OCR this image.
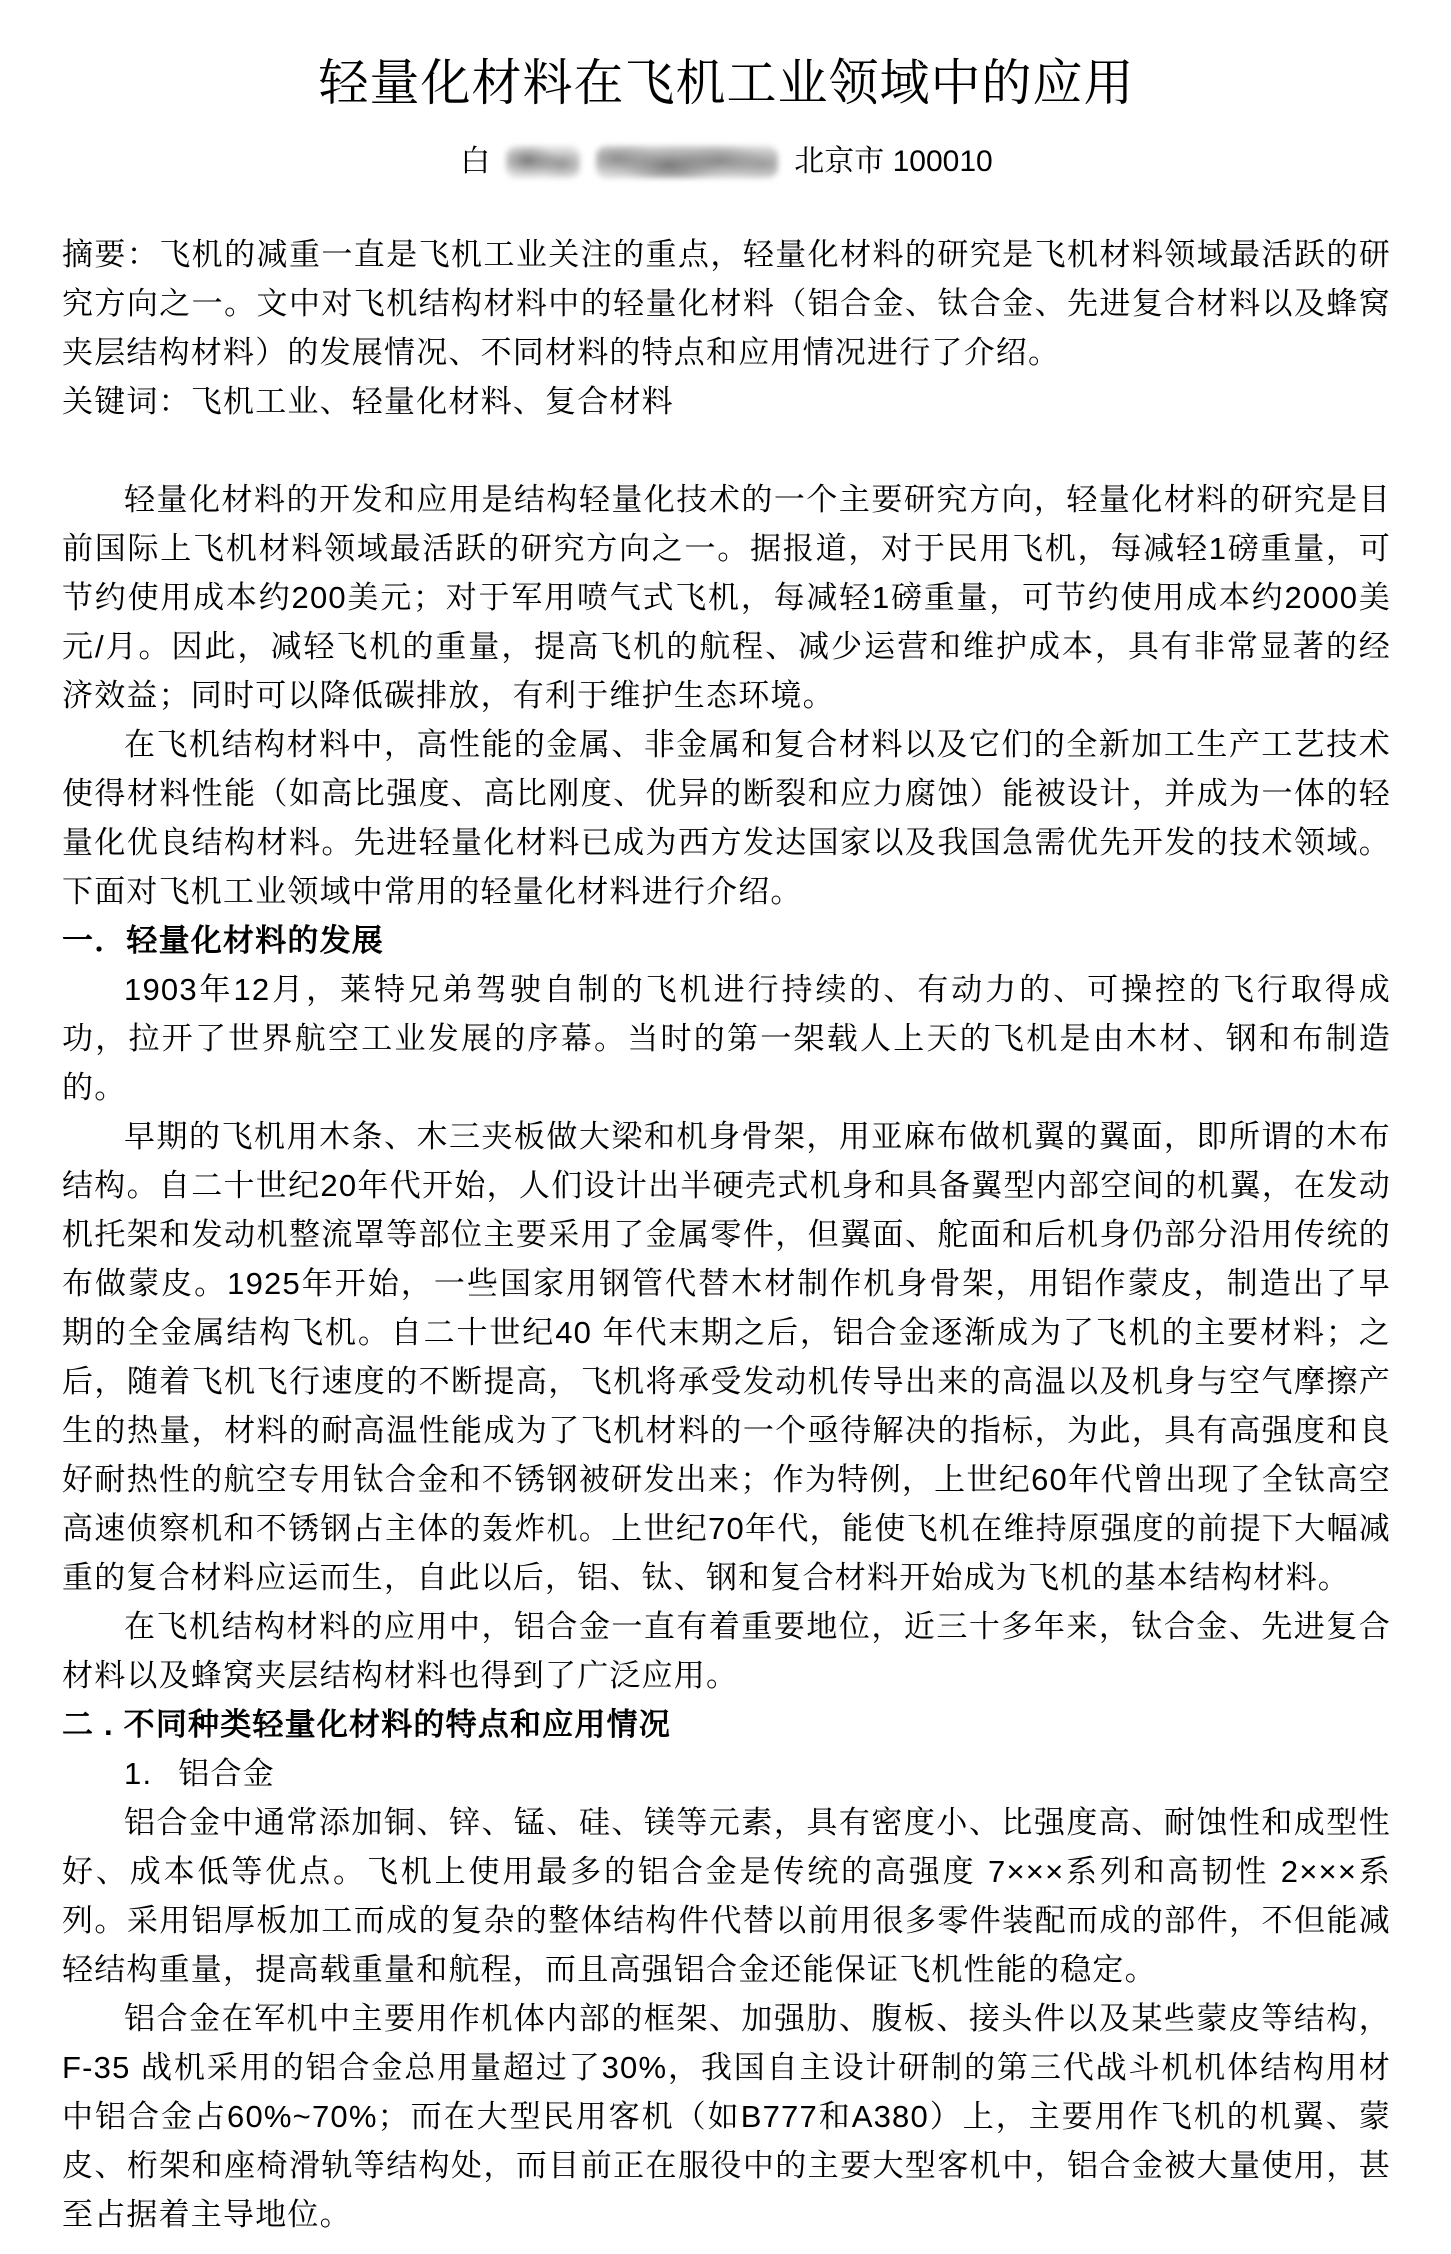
轻量化材料在飞机工业领域中的应用
白	北京市 100010

摘要：飞机的减重一直是飞机工业关注的重点，轻量化材料的研究是飞机材料领域最活跃的研究方向之一。文中对飞机结构材料中的轻量化材料（铝合金、钛合金、先进复合材料以及蜂窝夹层结构材料）的发展情况、不同材料的特点和应用情况进行了介绍。

关键词：飞机工业、轻量化材料、复合材料

轻量化材料的开发和应用是结构轻量化技术的一个主要研究方向，轻量化材料的研究是目前国际上飞机材料领域最活跃的研究方向之一。据报道，对于民用飞机，每减轻1磅重量，可节约使用成本约200美元；对于军用喷气式飞机，每减轻1磅重量，可节约使用成本约2000美元/月。因此，减轻飞机的重量，提高飞机的航程、减少运营和维护成本，具有非常显著的经济效益；同时可以降低碳排放，有利于维护生态环境。

在飞机结构材料中，高性能的金属、非金属和复合材料以及它们的全新加工生产工艺技术使得材料性能（如高比强度、高比刚度、优异的断裂和应力腐蚀）能被设计，并成为一体的轻量化优良结构材料。先进轻量化材料已成为西方发达国家以及我国急需优先开发的技术领域。下面对飞机工业领域中常用的轻量化材料进行介绍。

一．轻量化材料的发展

1903年12月，莱特兄弟驾驶自制的飞机进行持续的、有动力的、可操控的飞行取得成功，拉开了世界航空工业发展的序幕。当时的第一架载人上天的飞机是由木材、钢和布制造的。

早期的飞机用木条、木三夹板做大梁和机身骨架，用亚麻布做机翼的翼面，即所谓的木布结构。自二十世纪20年代开始，人们设计出半硬壳式机身和具备翼型内部空间的机翼，在发动机托架和发动机整流罩等部位主要采用了金属零件，但翼面、舵面和后机身仍部分沿用传统的布做蒙皮。1925年开始，一些国家用钢管代替木材制作机身骨架，用铝作蒙皮，制造出了早期的全金属结构飞机。自二十世纪40 年代末期之后，铝合金逐渐成为了飞机的主要材料；之后，随着飞机飞行速度的不断提高，飞机将承受发动机传导出来的高温以及机身与空气摩擦产生的热量，材料的耐高温性能成为了飞机材料的一个亟待解决的指标，为此，具有高强度和良好耐热性的航空专用钛合金和不锈钢被研发出来；作为特例，上世纪60年代曾出现了全钛高空高速侦察机和不锈钢占主体的轰炸机。上世纪70年代，能使飞机在维持原强度的前提下大幅减重的复合材料应运而生，自此以后，铝、钛、钢和复合材料开始成为飞机的基本结构材料。

在飞机结构材料的应用中，铝合金一直有着重要地位，近三十多年来，钛合金、先进复合材料以及蜂窝夹层结构材料也得到了广泛应用。

二 . 不同种类轻量化材料的特点和应用情况

1. 铝合金

铝合金中通常添加铜、锌、锰、硅、镁等元素，具有密度小、比强度高、耐蚀性和成型性好、成本低等优点。飞机上使用最多的铝合金是传统的高强度 7×××系列和高韧性 2×××系列。采用铝厚板加工而成的复杂的整体结构件代替以前用很多零件装配而成的部件，不但能减轻结构重量，提高载重量和航程，而且高强铝合金还能保证飞机性能的稳定。

铝合金在军机中主要用作机体内部的框架、加强肋、腹板、接头件以及某些蒙皮等结构，F-35 战机采用的铝合金总用量超过了30%，我国自主设计研制的第三代战斗机机体结构用材中铝合金占60%~70%；而在大型民用客机（如B777和A380）上，主要用作飞机的机翼、蒙皮、桁架和座椅滑轨等结构处，而目前正在服役中的主要大型客机中，铝合金被大量使用，甚至占据着主导地位。
